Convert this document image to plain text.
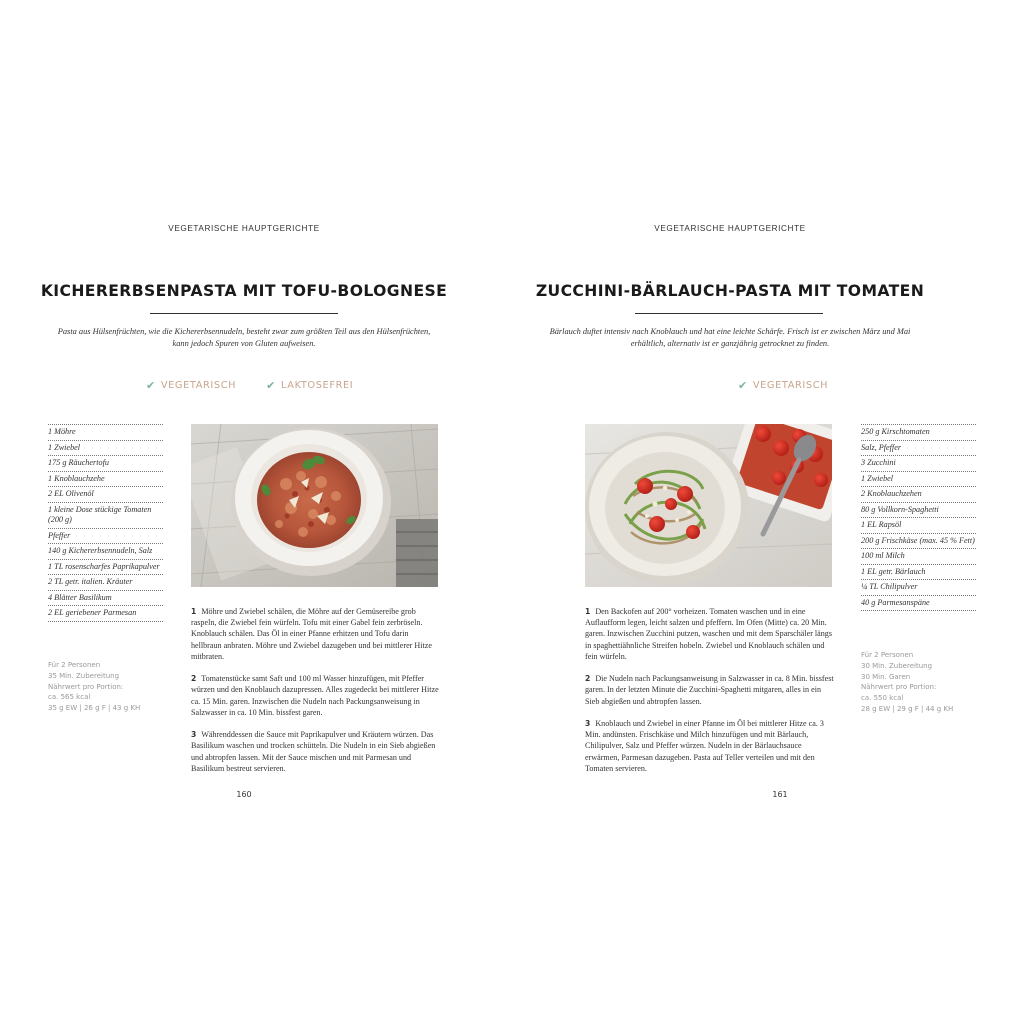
VEGETARISCHE HAUPTGERICHTE
KICHERERBSENPASTA MIT TOFU-BOLOGNESE
Pasta aus Hülsenfrüchten, wie die Kichererbsennudeln, besteht zwar zum größten Teil aus den Hülsenfrüchten, kann jedoch Spuren von Gluten aufweisen.
✔ VEGETARISCH	✔ LAKTOSEFREI
1 Möhre
1 Zwiebel
175 g Räuchertofu
1 Knoblauchzehe
2 EL Olivenöl
1 kleine Dose stückige Tomaten (200 g)
Pfeffer
140 g Kichererbsennudeln, Salz
1 TL rosenscharfes Paprikapulver
2 TL getr. italien. Kräuter
4 Blätter Basilikum
2 EL geriebener Parmesan
Für 2 Personen
35 Min. Zubereitung
Nährwert pro Portion:
ca. 565 kcal
35 g EW | 26 g F | 43 g KH
1 Möhre und Zwiebel schälen, die Möhre auf der Gemüsereibe grob raspeln, die Zwiebel fein würfeln. Tofu mit einer Gabel fein zerbröseln. Knoblauch schälen. Das Öl in einer Pfanne erhitzen und Tofu darin hellbraun anbraten. Möhre und Zwiebel dazugeben und bei mittlerer Hitze mitbraten.
2 Tomatenstücke samt Saft und 100 ml Wasser hinzufügen, mit Pfeffer würzen und den Knoblauch dazupressen. Alles zugedeckt bei mittlerer Hitze ca. 15 Min. garen. Inzwischen die Nudeln nach Packungsanweisung in Salzwasser in ca. 10 Min. bissfest garen.
3 Währenddessen die Sauce mit Paprikapulver und Kräutern würzen. Das Basilikum waschen und trocken schütteln. Die Nudeln in ein Sieb abgießen und abtropfen lassen. Mit der Sauce mischen und mit Parmesan und Basilikum bestreut servieren.
160
VEGETARISCHE HAUPTGERICHTE
ZUCCHINI-BÄRLAUCH-PASTA MIT TOMATEN
Bärlauch duftet intensiv nach Knoblauch und hat eine leichte Schärfe. Frisch ist er zwischen März und Mai erhältlich, alternativ ist er ganzjährig getrocknet zu finden.
✔ VEGETARISCH
250 g Kirschtomaten
Salz, Pfeffer
3 Zucchini
1 Zwiebel
2 Knoblauchzehen
80 g Vollkorn-Spaghetti
1 EL Rapsöl
200 g Frischkäse (max. 45 % Fett)
100 ml Milch
1 EL getr. Bärlauch
¼ TL Chilipulver
40 g Parmesanspäne
Für 2 Personen
30 Min. Zubereitung
30 Min. Garen
Nährwert pro Portion:
ca. 550 kcal
28 g EW | 29 g F | 44 g KH
1 Den Backofen auf 200° vorheizen. Tomaten waschen und in eine Auflaufform legen, leicht salzen und pfeffern. Im Ofen (Mitte) ca. 20 Min. garen. Inzwischen Zucchini putzen, waschen und mit dem Sparschäler längs in spaghettiähnliche Streifen hobeln. Zwiebel und Knoblauch schälen und fein würfeln.
2 Die Nudeln nach Packungsanweisung in Salzwasser in ca. 8 Min. bissfest garen. In der letzten Minute die Zucchini-Spaghetti mitgaren, alles in ein Sieb abgießen und abtropfen lassen.
3 Knoblauch und Zwiebel in einer Pfanne im Öl bei mittlerer Hitze ca. 3 Min. andünsten. Frischkäse und Milch hinzufügen und mit Bärlauch, Chilipulver, Salz und Pfeffer würzen. Nudeln in der Bärlauchsauce erwärmen, Parmesan dazugeben. Pasta auf Teller verteilen und mit den Tomaten servieren.
161
